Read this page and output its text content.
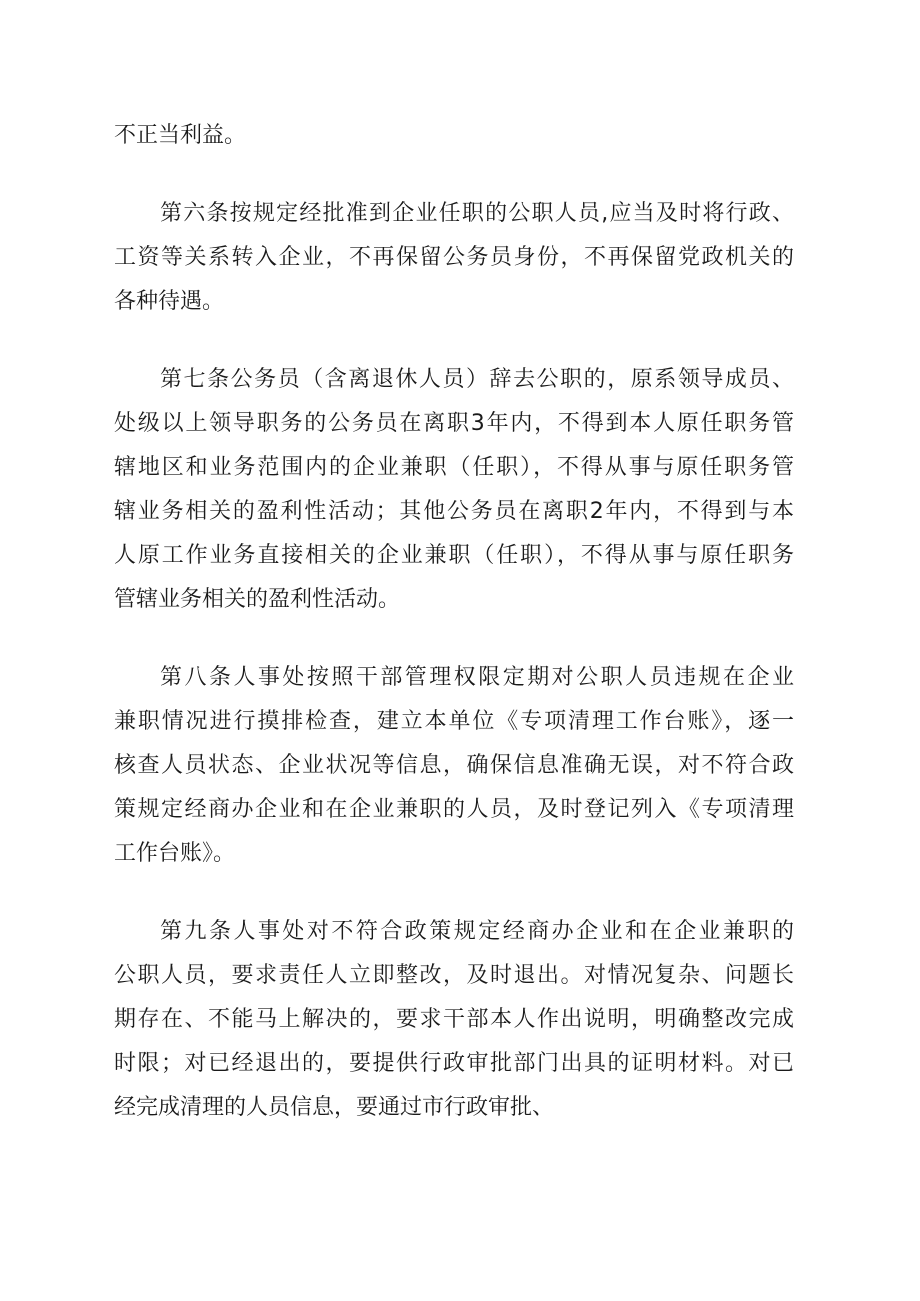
不正当利益。
第六条按规定经批准到企业任职的公职人员,应当及时将行政、
工资等关系转入企业，不再保留公务员身份，不再保留党政机关的
各种待遇。
第七条公务员（含离退休人员）辞去公职的，原系领导成员、
处级以上领导职务的公务员在离职3年内，不得到本人原任职务管
辖地区和业务范围内的企业兼职（任职），不得从事与原任职务管
辖业务相关的盈利性活动；其他公务员在离职2年内，不得到与本
人原工作业务直接相关的企业兼职（任职），不得从事与原任职务
管辖业务相关的盈利性活动。
第八条人事处按照干部管理权限定期对公职人员违规在企业
兼职情况进行摸排检查，建立本单位《专项清理工作台账》，逐一
核查人员状态、企业状况等信息，确保信息准确无误，对不符合政
策规定经商办企业和在企业兼职的人员，及时登记列入《专项清理
工作台账》。
第九条人事处对不符合政策规定经商办企业和在企业兼职的
公职人员，要求责任人立即整改，及时退出。对情况复杂、问题长
期存在、不能马上解决的，要求干部本人作出说明，明确整改完成
时限；对已经退出的，要提供行政审批部门出具的证明材料。对已
经完成清理的人员信息，要通过市行政审批、
